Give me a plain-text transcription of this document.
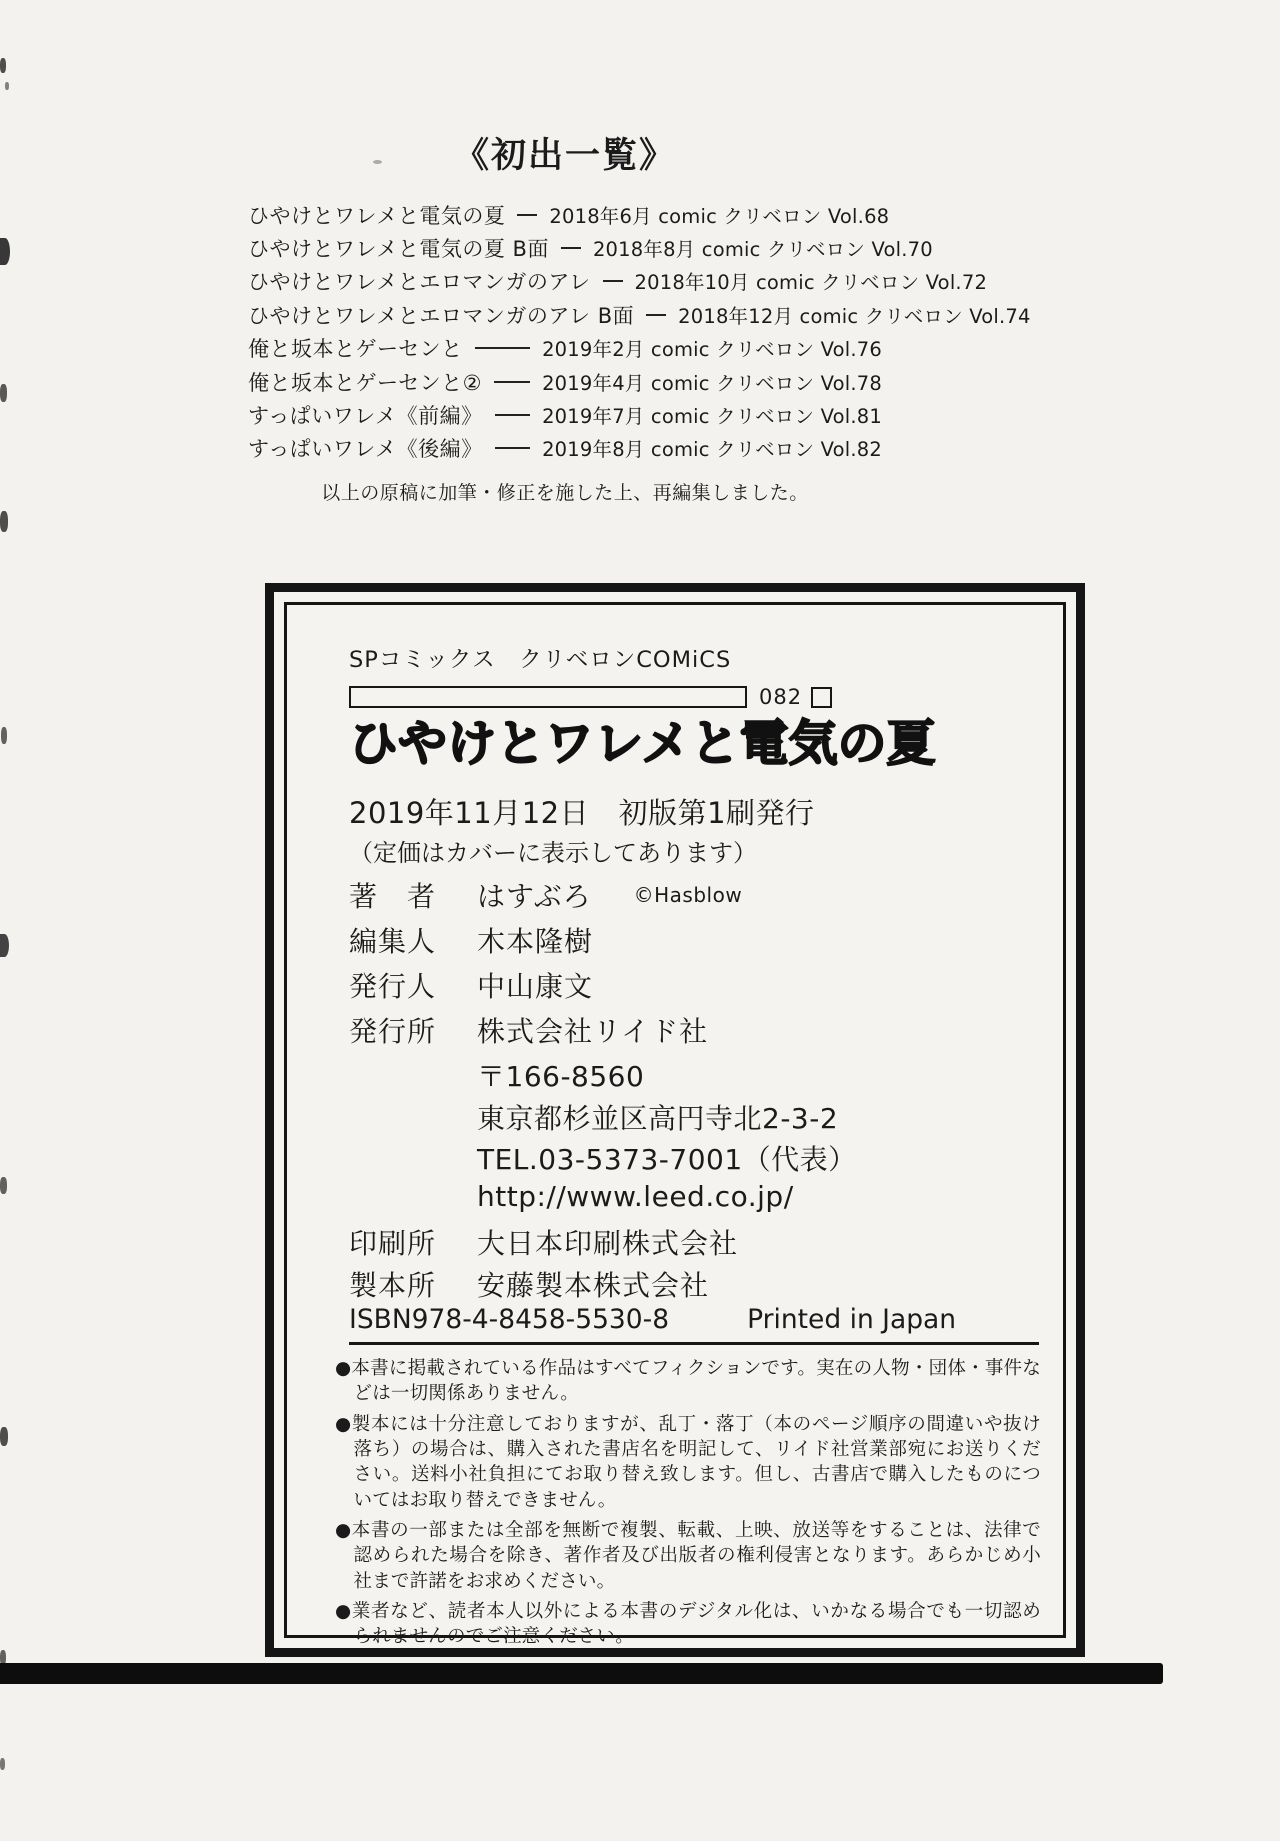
《初出一覧》
ひやけとワレメと電気の夏 2018年6月 comic クリベロン Vol.68
ひやけとワレメと電気の夏 B面 2018年8月 comic クリベロン Vol.70
ひやけとワレメとエロマンガのアレ 2018年10月 comic クリベロン Vol.72
ひやけとワレメとエロマンガのアレ B面 2018年12月 comic クリベロン Vol.74
俺と坂本とゲーセンと	2019年2月 comic クリベロン Vol.76
俺と坂本とゲーセンと②	2019年4月 comic クリベロン Vol.78
すっぱいワレメ《前編》	2019年7月 comic クリベロン Vol.81
すっぱいワレメ《後編》	2019年8月 comic クリベロン Vol.82
以上の原稿に加筆・修正を施した上、再編集しました。
SPコミックス　クリベロンCOMiCS
082
ひやけとワレメと電気の夏
2019年11月12日　初版第1刷発行
（定価はカバーに表示してあります）
著　者	はすぶろ ©Hasblow
編集人	木本隆樹
発行人	中山康文
発行所	株式会社リイド社
〒166-8560
東京都杉並区高円寺北2-3-2
TEL.03-5373-7001（代表）
http://www.leed.co.jp/
印刷所	大日本印刷株式会社
製本所	安藤製本株式会社
ISBN978-4-8458-5530-8	Printed in Japan
●本書に掲載されている作品はすべてフィクションです。実在の人物・団体・事件などは一切関係ありません。
●製本には十分注意しておりますが、乱丁・落丁（本のページ順序の間違いや抜け落ち）の場合は、購入された書店名を明記して、リイド社営業部宛にお送りください。送料小社負担にてお取り替え致します。但し、古書店で購入したものについてはお取り替えできません。
●本書の一部または全部を無断で複製、転載、上映、放送等をすることは、法律で認められた場合を除き、著作者及び出版者の権利侵害となります。あらかじめ小社まで許諾をお求めください。
●業者など、読者本人以外による本書のデジタル化は、いかなる場合でも一切認められませんのでご注意ください。
